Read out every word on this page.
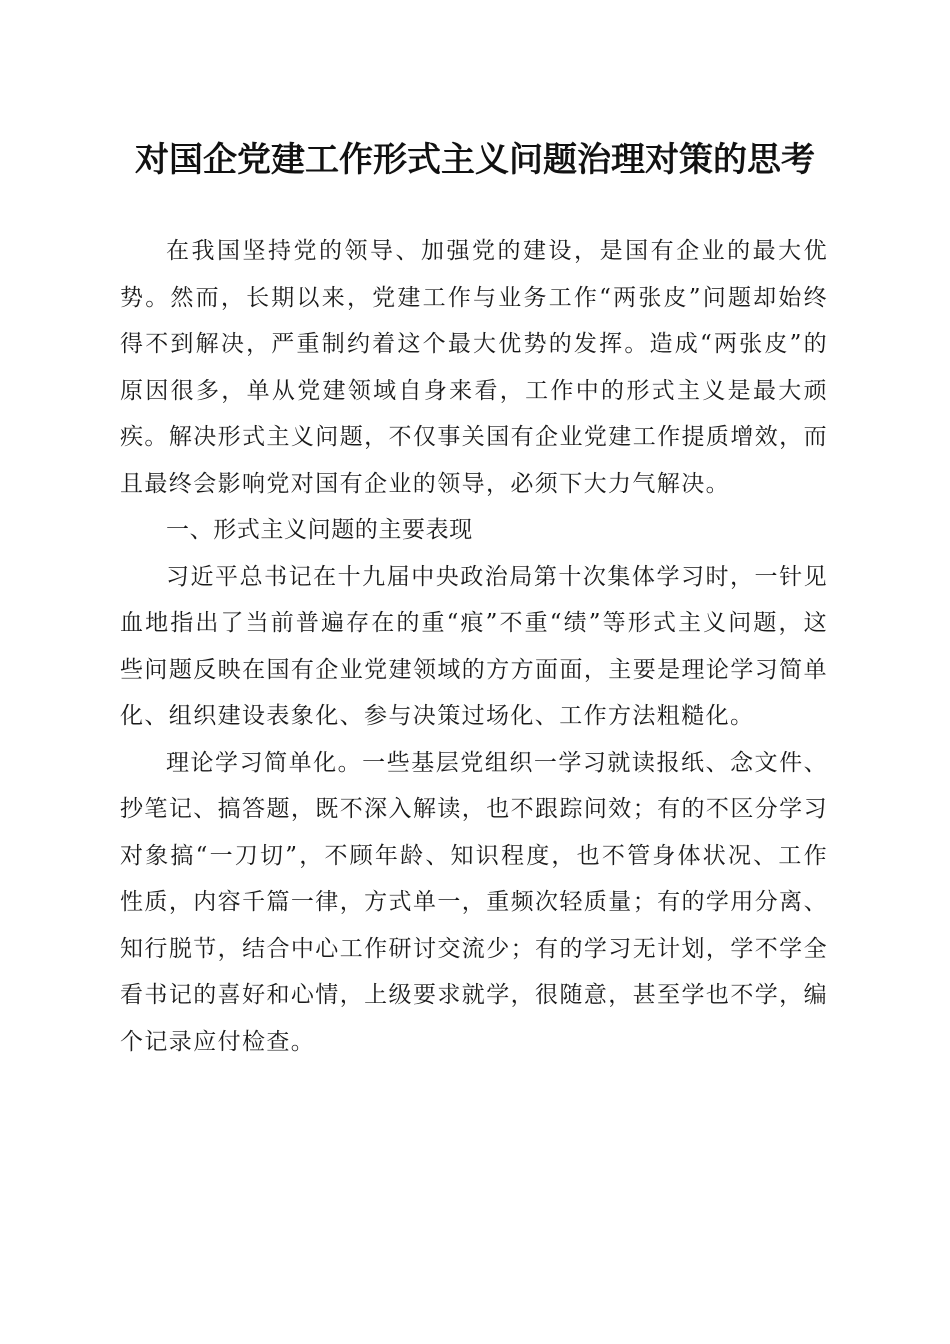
对国企党建工作形式主义问题治理对策的思考

在我国坚持党的领导、加强党的建设，是国有企业的最大优势。然而，长期以来，党建工作与业务工作“两张皮”问题却始终得不到解决，严重制约着这个最大优势的发挥。造成“两张皮”的原因很多，单从党建领域自身来看，工作中的形式主义是最大顽疾。解决形式主义问题，不仅事关国有企业党建工作提质增效，而且最终会影响党对国有企业的领导，必须下大力气解决。

一、形式主义问题的主要表现

习近平总书记在十九届中央政治局第十次集体学习时，一针见血地指出了当前普遍存在的重“痕”不重“绩”等形式主义问题，这些问题反映在国有企业党建领域的方方面面，主要是理论学习简单化、组织建设表象化、参与决策过场化、工作方法粗糙化。

理论学习简单化。一些基层党组织一学习就读报纸、念文件、抄笔记、搞答题，既不深入解读，也不跟踪问效；有的不区分学习对象搞“一刀切”，不顾年龄、知识程度，也不管身体状况、工作性质，内容千篇一律，方式单一，重频次轻质量；有的学用分离、知行脱节，结合中心工作研讨交流少；有的学习无计划，学不学全看书记的喜好和心情，上级要求就学，很随意，甚至学也不学，编个记录应付检查。
